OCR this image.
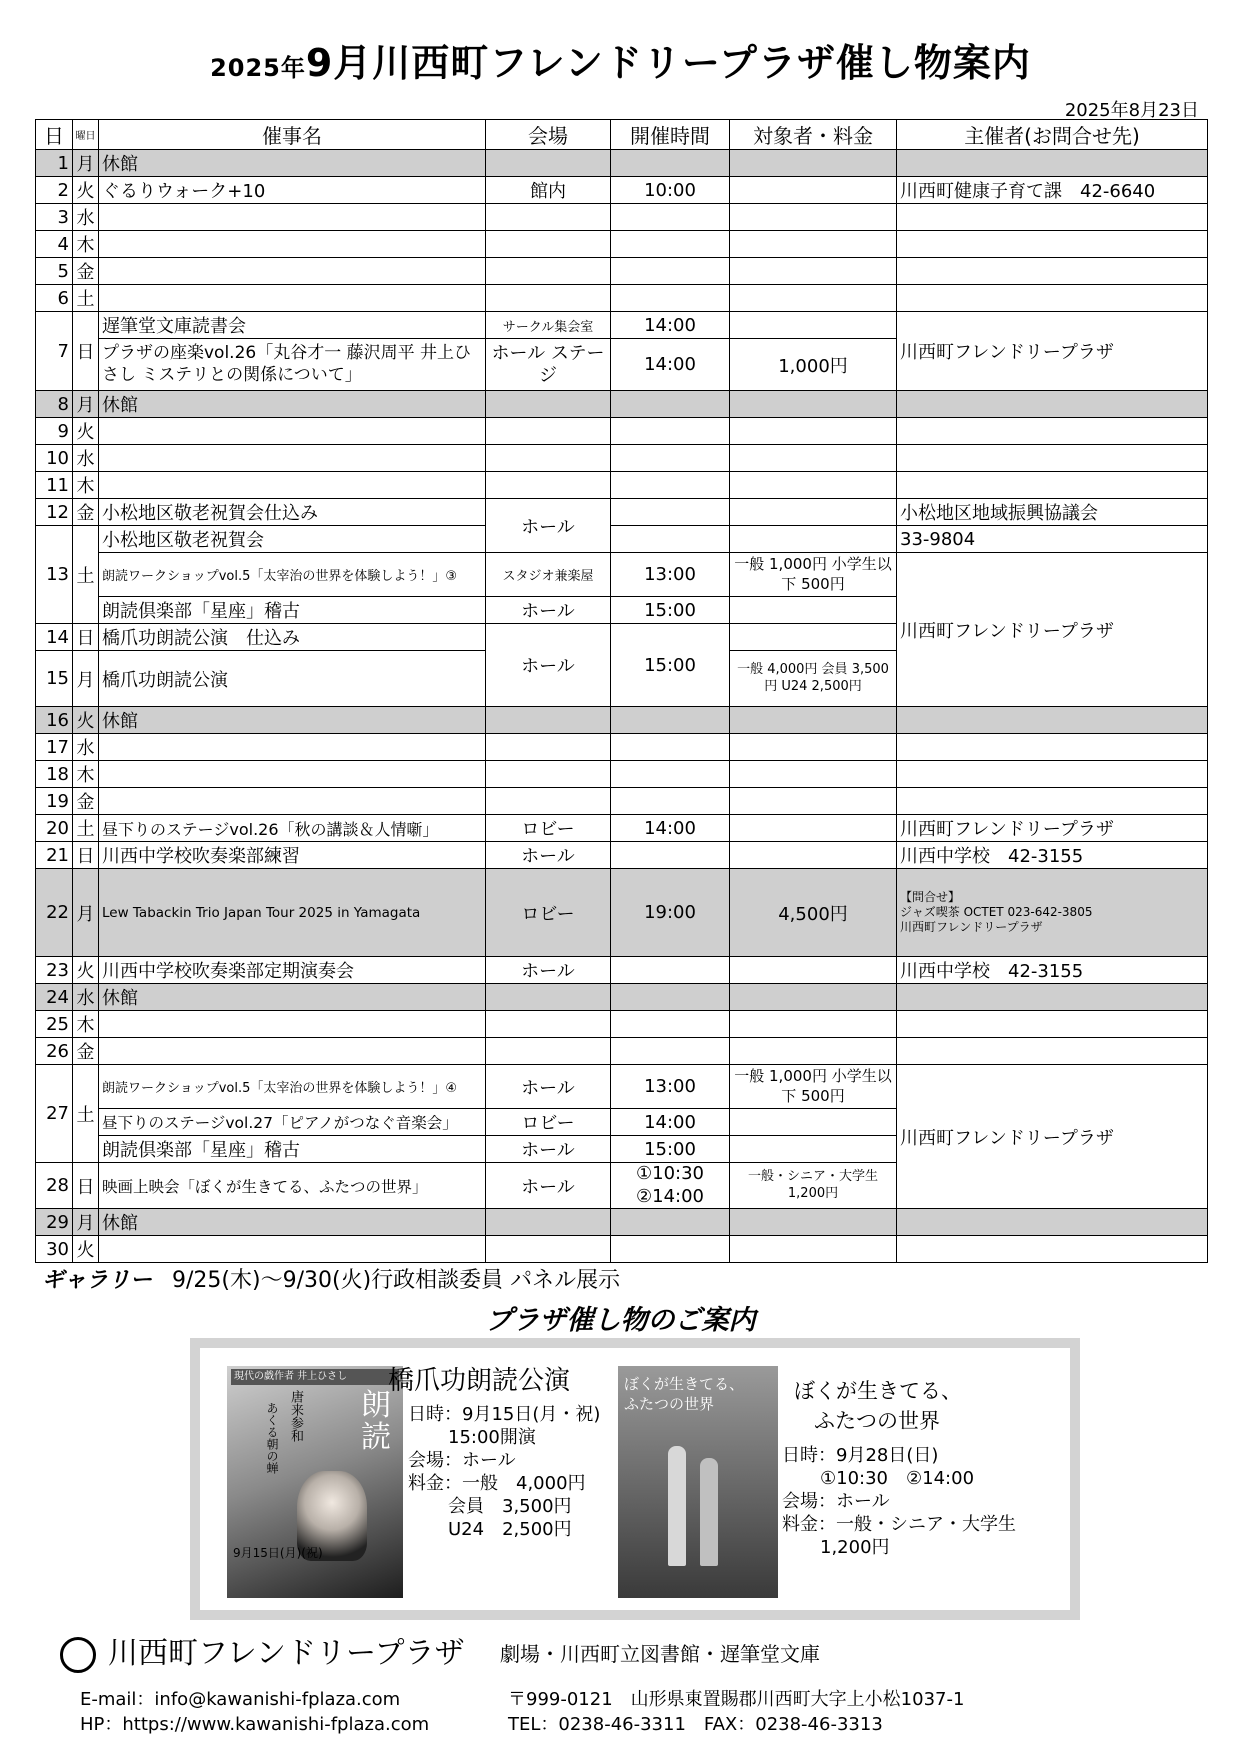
2025年9月川西町フレンドリープラザ催し物案内
2025年8月23日
日	曜日	催事名	会場	開催時間	対象者・料金	主催者(お問合せ先)
1	月	休館				
2	火	ぐるりウォーク+10	館内	10:00		川西町健康子育て課　42-6640
3	水					
4	木					
5	金					
6	土					
7	日	遅筆堂文庫読書会	サークル集会室	14:00		川西町フレンドリープラザ
		プラザの座楽vol.26「丸谷才一 藤沢周平 井上ひさし ミステリとの関係について」	ホール ステージ	14:00	1,000円	
8	月	休館				
9	火					
10	水					
11	木					
12	金	小松地区敬老祝賀会仕込み	ホール			小松地区地域振興協議会
13	土	小松地区敬老祝賀会				33-9804
		朗読ワークショップvol.5「太宰治の世界を体験しよう！」③	スタジオ兼楽屋	13:00	一般 1,000円 小学生以下 500円	川西町フレンドリープラザ
		朗読倶楽部「星座」稽古	ホール	15:00		
14	日	橋爪功朗読公演　仕込み	ホール	15:00		
15	月	橋爪功朗読公演			一般 4,000円 会員 3,500円 U24 2,500円	
16	火	休館				
17	水					
18	木					
19	金					
20	土	昼下りのステージvol.26「秋の講談＆人情噺」	ロビー	14:00		川西町フレンドリープラザ
21	日	川西中学校吹奏楽部練習	ホール			川西中学校　42-3155
22	月	Lew Tabackin Trio Japan Tour 2025 in Yamagata	ロビー	19:00	4,500円	【問合せ】
ジャズ喫茶 OCTET 023-642-3805
川西町フレンドリープラザ

23	火	川西中学校吹奏楽部定期演奏会	ホール			川西中学校　42-3155
24	水	休館				
25	木					
26	金					
27	土	朗読ワークショップvol.5「太宰治の世界を体験しよう！」④	ホール	13:00	一般 1,000円 小学生以下 500円	川西町フレンドリープラザ
		昼下りのステージvol.27「ピアノがつなぐ音楽会」	ロビー	14:00		
		朗読倶楽部「星座」稽古	ホール	15:00		
28	日	映画上映会「ぼくが生きてる、ふたつの世界」	ホール	①10:30
②14:00	一般・シニア・大学生 1,200円	
29	月	休館				
30	火					
ギャラリー 9/25(木)～9/30(火)行政相談委員 パネル展示
プラザ催し物のご案内
現代の戯作者 井上ひさし
朗
読
唐来参和
あくる朝の蝉
9月15日(月)(祝)
橋爪功朗読公演
日時：9月15日(月・祝)
15:00開演
会場：ホール
料金：一般　4,000円
会員　3,500円
U24　2,500円
ぼくが生きてる、
ふたつの世界
ぼくが生きてる、
ふたつの世界
日時：9月28日(日)
①10:30　②14:00
会場：ホール
料金：一般・シニア・大学生
1,200円
川西町フレンドリープラザ 劇場・川西町立図書館・遅筆堂文庫
E-mail：info@kawanishi-fplaza.com
HP：https://www.kawanishi-fplaza.com
〒999-0121　山形県東置賜郡川西町大字上小松1037-1
TEL：0238-46-3311　FAX：0238-46-3313
